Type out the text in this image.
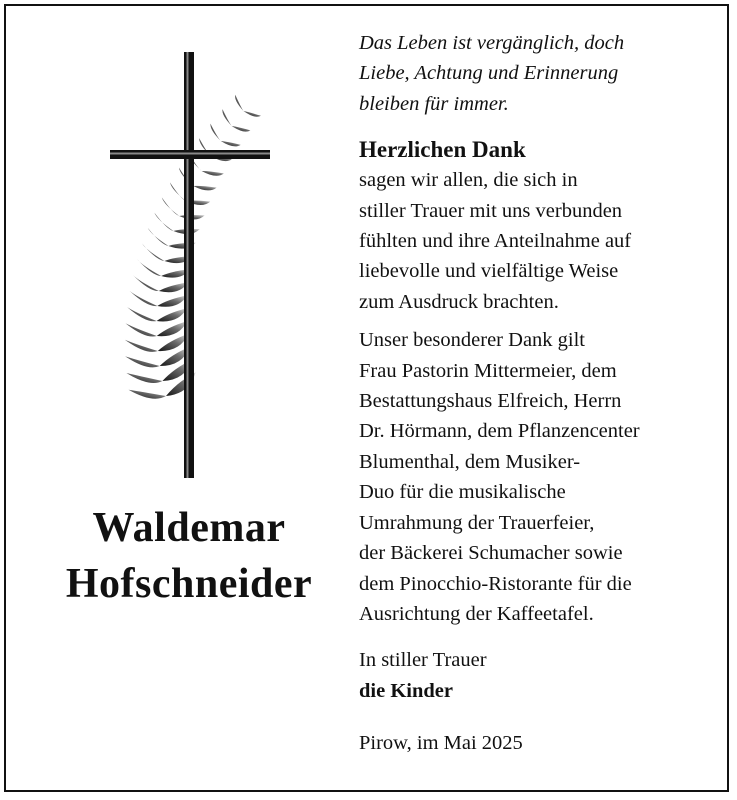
Waldemar
Hofschneider

Das Leben ist vergänglich, doch
Liebe, Achtung und Erinnerung
bleiben für immer.

Herzlichen Dank

sagen wir allen, die sich in
stiller Trauer mit uns verbunden
fühlten und ihre Anteilnahme auf
liebevolle und vielfältige Weise
zum Ausdruck brachten.

Unser besonderer Dank gilt
Frau Pastorin Mittermeier, dem
Bestattungshaus Elfreich, Herrn
Dr. Hörmann, dem Pflanzencenter
Blumenthal, dem Musiker-
Duo für die musikalische
Umrahmung der Trauerfeier,
der Bäckerei Schumacher sowie
dem Pinocchio-Ristorante für die
Ausrichtung der Kaffeetafel.

In stiller Trauer
die Kinder
Pirow, im Mai 2025
